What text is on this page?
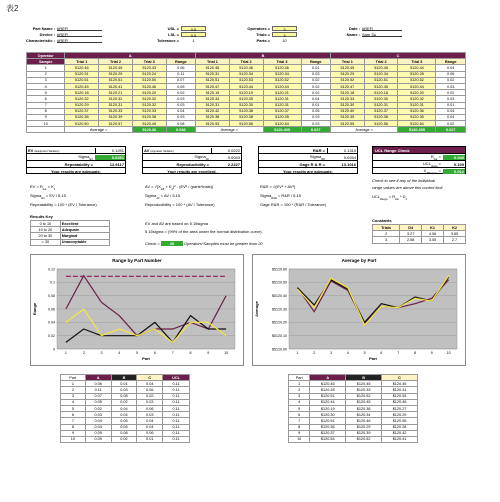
表2
Part Name : #REF!
Device : #REF!
Characteristic : #REF!
USL =	0.5
LSL =	0.5
Tolerance =	1
Operators =	3
Trials =	3
Parts =	10
Date : #REF!
Name : Sam Su
Operator	A				B				C			
Sample	Trial 1	Trial 2	Trial 3	Range	Trial 1	Trial 2	Trial 3	Range	Trial 1	Trial 2	Trial 3	Range
1	5120.46	5120.46	5120.43	0.06	5120.46	5120.46	5120.46	0.01	5120.45	5120.45	5120.44	0.04
2	5120.31	5120.29	5120.24	0.11	5120.31	5120.34	5120.34	0.03	5120.29	5120.34	5120.28	0.06
3	5120.51	5120.51	5120.50	0.07	5120.51	5120.53	5120.52	0.02	5120.52	5120.51	5120.52	0.02
4	5120.45	5120.41	5120.46	0.05	5120.47	5120.44	5120.44	0.02	5120.47	5120.45	5120.44	0.03
5	5120.18	5120.21	5120.20	0.02	5120.19	5120.19	5120.21	0.02	5120.18	5120.18	5120.20	0.02
6	5120.32	5120.32	5120.32	0.03	5120.34	5120.35	5120.31	0.04	5120.33	5120.30	5120.32	0.03
7	5120.29	5120.31	5120.32	0.03	5120.31	5120.30	5120.31	0.01	5120.30	5120.31	5120.31	0.01
8	5120.37	5120.33	5120.33	0.04	5120.42	5120.38	5120.37	0.05	5120.40	5120.37	5120.36	0.04
9	5120.38	5120.39	5120.38	0.03	5120.36	5120.38	5120.35	0.03	5120.35	5120.36	5120.35	0.04
10	5120.50	5120.57	5120.49	0.08	5120.53	5120.56	5120.54	0.03	5120.55	5120.56	5120.54	0.02
	Average =		5120.36	0.046	Average =		5120.400	0.027	Average =		5120.395	0.027
EV (Equipment Variation)	0.1291
Sigma$_{EV}$	0.0251
Repeatability =	12.9117
Your results are adequate.
AV (Appraiser Variation)	0.0222
Sigma$_{AV}$	0.0043
Reproducibility =	2.2227
Your results are excellent.
R&R =	0.1310
Sigma$_{RR}$	0.0254
Gage R & R =	13.1016
Your results are adequate.
UCL Range Check
$R_{bar}$ =	0.040
$UCL_{range}$ =	0.109
$X_{difference}$ =	0.012
EV = $R_{bar} \times K_1$
Sigma$_{EV}$ = EV / 5.15
Repeatability = 100 * (EV / Tolerance)
AV = $√(X_{diff} \times K_2)^2 - (EV^2$ / (parts*trials))
Sigma$_{AV}$ = AV / 5.15
Reproducibility = 100 * (AV / Tolerance)
R&R = √(EV² + AV²)
Sigma$_{R\&R}$ = R&R / 5.15
Gage R&R = 100 * (R&R / Tolerance)
Check to see if any of the individual
range values are above this control limit
$UCL_{Range} = R_{bar} * D_4$
Results Key
0 to 10	Excellent
10 to 20	Adequate
20 to 30	Marginal
> 30	Unacceptable
EV and AV are based on 5.15sigma
5.15sigma = (99% of the area under the normal distribution curve)
Check = 20 Operators*Samples must be greater than 20
Constants
Trials	D4	K1	K2
2	3.27	4.56	3.65
3	2.58	3.05	2.7
Range by Part Number
0
0.02
0.04
0.06
0.08
0.1
0.12
1	2	3	4	5	6	7	8	9	10
Part
Range
Average by Part
$5120.00
$5120.10
$5120.20
$5120.30
$5120.40
$5120.50
$5120.60
1	2	3	4	5	6	7	8	9	10
Part
Average
Part	A	B	C	UCL
1	0.06	0.01	0.04	0.11
2	0.11	0.03	0.06	0.11
3	0.07	0.08	0.02	0.11
4	0.05	0.02	0.03	0.11
5	0.02	0.04	0.06	0.11
6	0.03	0.04	0.03	0.11
7	0.04	0.05	0.04	0.11
8	0.04	0.05	0.04	0.11
9	0.05	0.08	0.06	0.11
10	0.09	0.02	0.01	0.11
Part	A	B	C
1	$120.46	$120.45	$120.45
2	$120.28	$120.33	$120.31
3	$120.51	$120.52	$120.53
4	$120.44	$120.45	$120.46
5	$120.19	$120.38	$120.27
6	$120.30	$120.34	$120.29
7	$120.51	$120.46	$120.55
8	$120.36	$120.29	$120.28
9	$120.37	$120.39	$120.42
10	$120.54	$120.52	$120.41
